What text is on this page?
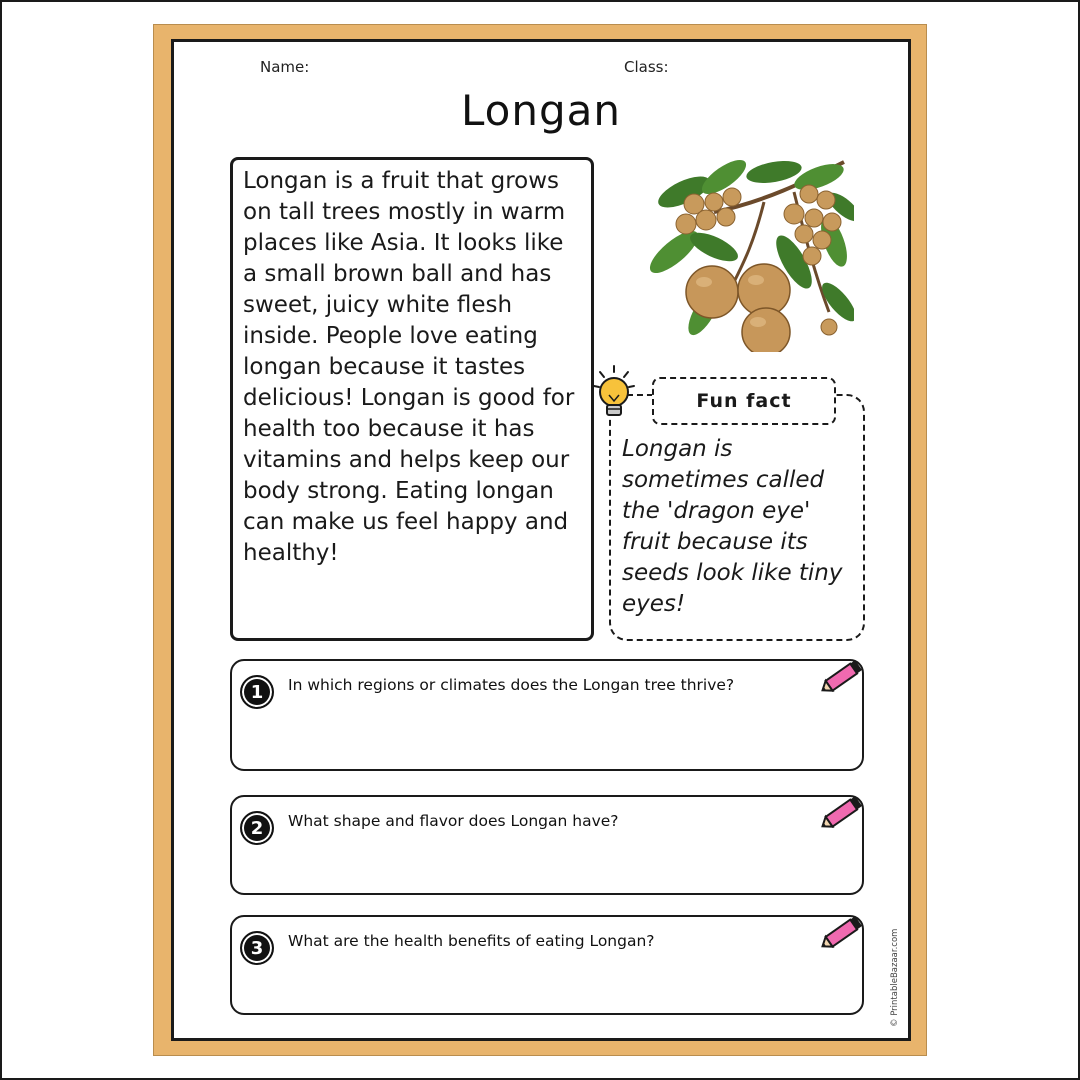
Name:	Class:
Longan
Longan is a fruit that grows on tall trees mostly in warm places like Asia. It looks like a small brown ball and has sweet, juicy white flesh inside. People love eating longan because it tastes delicious! Longan is good for health too because it has vitamins and helps keep our body strong. Eating longan can make us feel happy and healthy!
Fun fact
Longan is sometimes called the 'dragon eye' fruit because its seeds look like tiny eyes!
1	In which regions or climates does the Longan tree thrive?
2	What shape and flavor does Longan have?
3	What are the health benefits of eating Longan?	© PrintableBazaar.com
